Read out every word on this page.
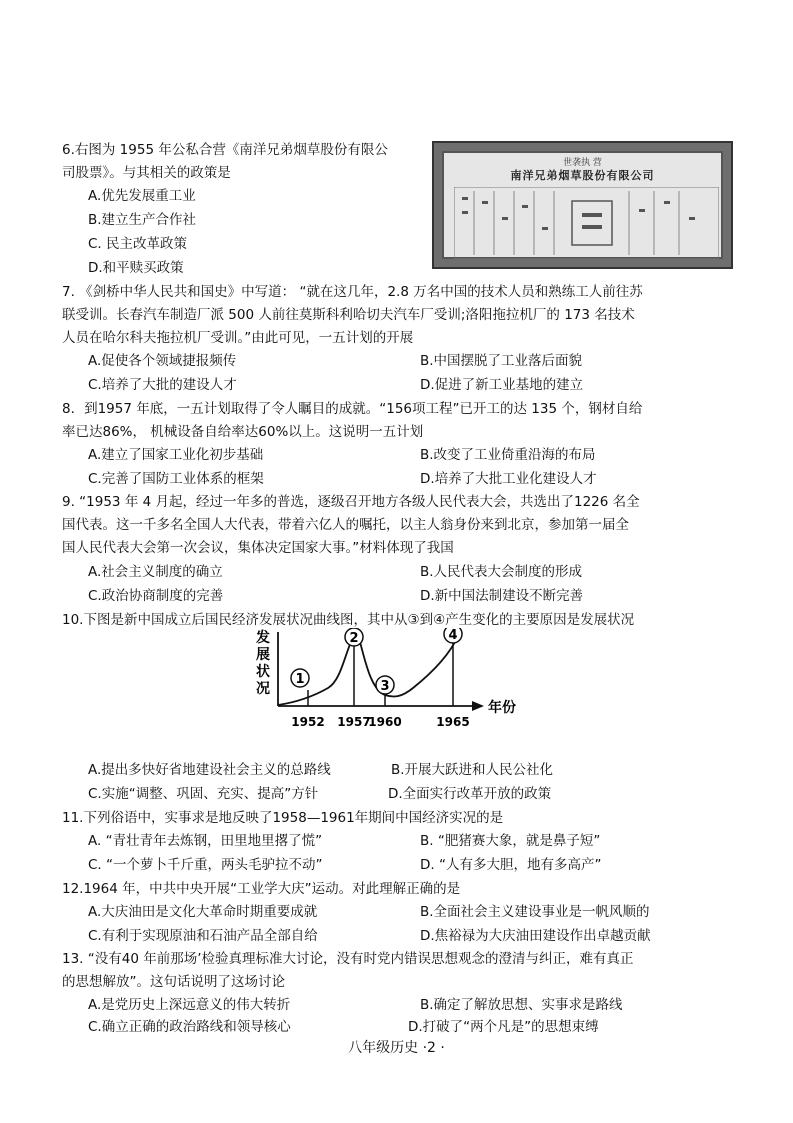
6.右图为 1955 年公私合营《南洋兄弟烟草股份有限公
司股票》。与其相关的政策是
A.优先发展重工业
B.建立生产合作社
C. 民主改革政策
D.和平赎买政策
世袭执 营
南洋兄弟烟草股份有限公司
7. 《剑桥中华人民共和国史》中写道： “就在这几年，2.8 万名中国的技术人员和熟练工人前往苏
联受训。长春汽车制造厂派 500 人前往莫斯科利哈切夫汽车厂受训;洛阳拖拉机厂的 173 名技术
人员在哈尔科夫拖拉机厂受训。”由此可见，一五计划的开展
A.促使各个领域捷报频传	B.中国摆脱了工业落后面貌
C.培养了大批的建设人才	D.促进了新工业基地的建立
8．到1957 年底，一五计划取得了令人瞩目的成就。“156项工程”已开工的达 135 个，钢材自给
率已达86%， 机械设备自给率达60%以上。这说明一五计划
A.建立了国家工业化初步基础	B.改变了工业倚重沿海的布局
C.完善了国防工业体系的框架	D.培养了大批工业化建设人才
9. “1953 年 4 月起，经过一年多的普选，逐级召开地方各级人民代表大会，共选出了1226 名全
国代表。这一千多名全国人大代表，带着六亿人的嘱托，以主人翁身份来到北京，参加第一届全
国人民代表大会第一次会议，集体决定国家大事。”材料体现了我国
A.社会主义制度的确立	B.人民代表大会制度的形成
C.政治协商制度的完善	D.新中国法制建设不断完善
10.下图是新中国成立后国民经济发展状况曲线图，其中从③到④产生变化的主要原因是发展状况
发
展
状
况
年份
1952 1957
1960	1965
1
2
3
4
A.提出多快好省地建设社会主义的总路线	B.开展大跃进和人民公社化
C.实施“调整、巩固、充实、提高”方针	D.全面实行改革开放的政策
11.下列俗语中，实事求是地反映了1958—1961年期间中国经济实况的是
A. “青壮青年去炼钢，田里地里撂了慌”	B. “肥猪赛大象，就是鼻子短”
C. “一个萝卜千斤重，两头毛驴拉不动”	D. “人有多大胆，地有多高产”
12.1964 年，中共中央开展“工业学大庆”运动。对此理解正确的是
A.大庆油田是文化大革命时期重要成就	B.全面社会主义建设事业是一帆风顺的
C.有利于实现原油和石油产品全部自给	D.焦裕禄为大庆油田建设作出卓越贡献
13. “没有40 年前那场’检验真理标准大讨论，没有时党内错误思想观念的澄清与纠正，难有真正
的思想解放”。这句话说明了这场讨论
A.是党历史上深远意义的伟大转折	B.确定了解放思想、实事求是路线
C.确立正确的政治路线和领导核心	D.打破了“两个凡是”的思想束缚
八年级历史 ·2 ·
